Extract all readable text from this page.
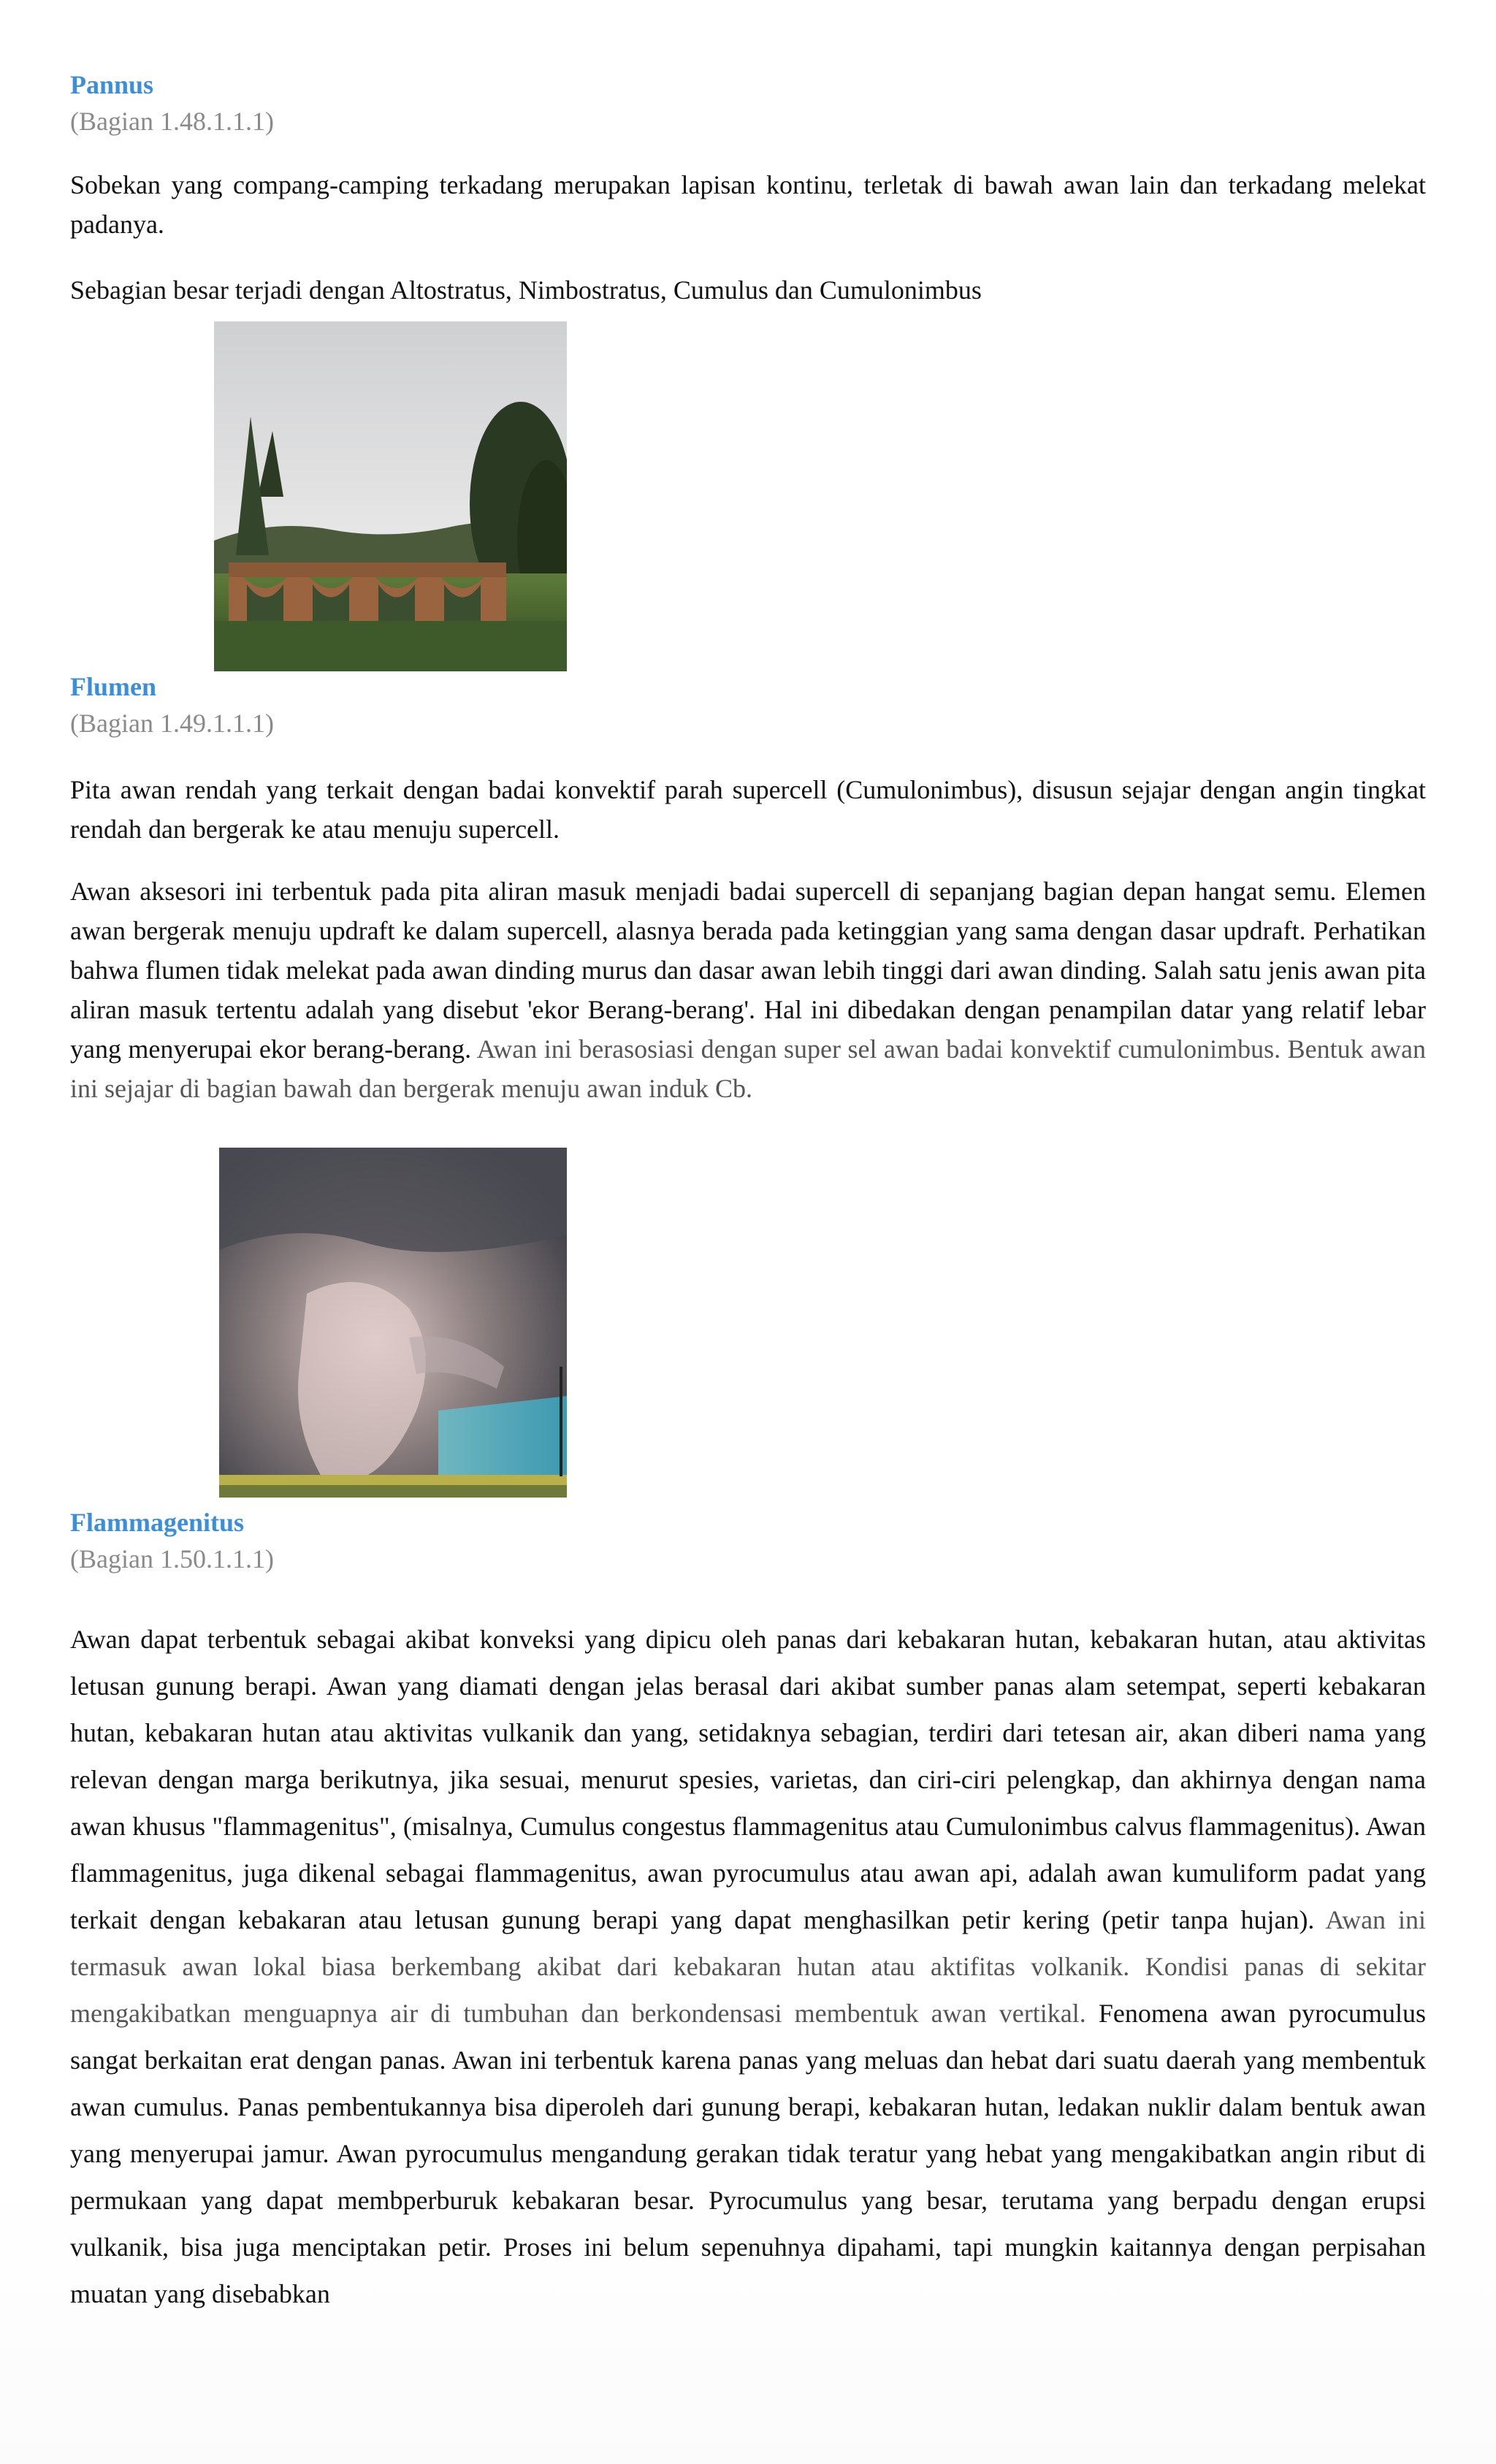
Pannus

(Bagian 1.48.1.1.1)

Sobekan yang compang-camping terkadang merupakan lapisan kontinu, terletak di bawah awan lain dan terkadang melekat padanya.

Sebagian besar terjadi dengan Altostratus, Nimbostratus, Cumulus dan Cumulonimbus

Flumen

(Bagian 1.49.1.1.1)

Pita awan rendah yang terkait dengan badai konvektif parah supercell (Cumulonimbus), disusun sejajar dengan angin tingkat rendah dan bergerak ke atau menuju supercell.

Awan aksesori ini terbentuk pada pita aliran masuk menjadi badai supercell di sepanjang bagian depan hangat semu. Elemen awan bergerak menuju updraft ke dalam supercell, alasnya berada pada ketinggian yang sama dengan dasar updraft. Perhatikan bahwa flumen tidak melekat pada awan dinding murus dan dasar awan lebih tinggi dari awan dinding. Salah satu jenis awan pita aliran masuk tertentu adalah yang disebut 'ekor Berang-berang'. Hal ini dibedakan dengan penampilan datar yang relatif lebar yang menyerupai ekor berang-berang. Awan ini berasosiasi dengan super sel awan badai konvektif cumulonimbus. Bentuk awan ini sejajar di bagian bawah dan bergerak menuju awan induk Cb.

Flammagenitus

(Bagian 1.50.1.1.1)

Awan dapat terbentuk sebagai akibat konveksi yang dipicu oleh panas dari kebakaran hutan, kebakaran hutan, atau aktivitas letusan gunung berapi. Awan yang diamati dengan jelas berasal dari akibat sumber panas alam setempat, seperti kebakaran hutan, kebakaran hutan atau aktivitas vulkanik dan yang, setidaknya sebagian, terdiri dari tetesan air, akan diberi nama yang relevan dengan marga berikutnya, jika sesuai, menurut spesies, varietas, dan ciri-ciri pelengkap, dan akhirnya dengan nama awan khusus "flammagenitus", (misalnya, Cumulus congestus flammagenitus atau Cumulonimbus calvus flammagenitus). Awan flammagenitus, juga dikenal sebagai flammagenitus, awan pyrocumulus atau awan api, adalah awan kumuliform padat yang terkait dengan kebakaran atau letusan gunung berapi yang dapat menghasilkan petir kering (petir tanpa hujan). Awan ini termasuk awan lokal biasa berkembang akibat dari kebakaran hutan atau aktifitas volkanik. Kondisi panas di sekitar mengakibatkan menguapnya air di tumbuhan dan berkondensasi membentuk awan vertikal. Fenomena awan pyrocumulus sangat berkaitan erat dengan panas. Awan ini terbentuk karena panas yang meluas dan hebat dari suatu daerah yang membentuk awan cumulus. Panas pembentukannya bisa diperoleh dari gunung berapi, kebakaran hutan, ledakan nuklir dalam bentuk awan yang menyerupai jamur. Awan pyrocumulus mengandung gerakan tidak teratur yang hebat yang mengakibatkan angin ribut di permukaan yang dapat membperburuk kebakaran besar. Pyrocumulus yang besar, terutama yang berpadu dengan erupsi vulkanik, bisa juga menciptakan petir. Proses ini belum sepenuhnya dipahami, tapi mungkin kaitannya dengan perpisahan muatan yang disebabkan
